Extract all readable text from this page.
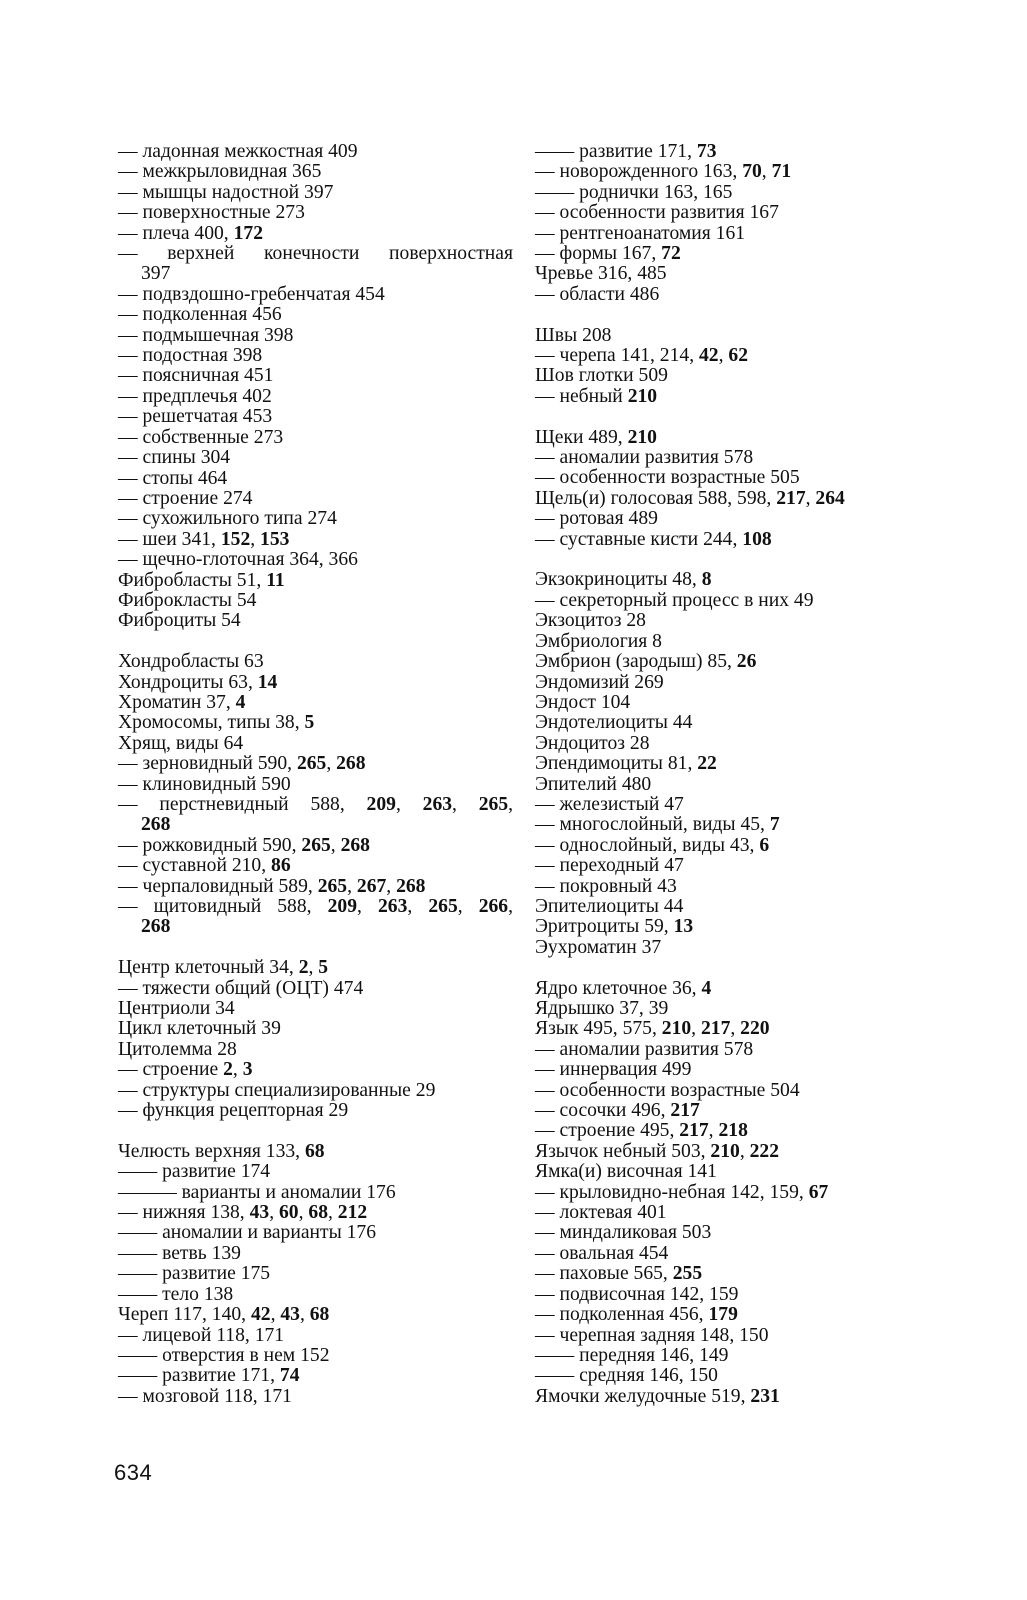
— ладонная межкостная 409
— межкрыловидная 365
— мышцы надостной 397
— поверхностные 273
— плеча 400, 172
— верхней конечности поверхностная
397
— подвздошно-гребенчатая 454
— подколенная 456
— подмышечная 398
— подостная 398
— поясничная 451
— предплечья 402
— решетчатая 453
— собственные 273
— спины 304
— стопы 464
— строение 274
— сухожильного типа 274
— шеи 341, 152, 153
— щечно-глоточная 364, 366
Фибробласты 51, 11
Фиброкласты 54
Фиброциты 54
Хондробласты 63
Хондроциты 63, 14
Хроматин 37, 4
Хромосомы, типы 38, 5
Хрящ, виды 64
— зерновидный 590, 265, 268
— клиновидный 590
— перстневидный 588, 209, 263, 265,
268
— рожковидный 590, 265, 268
— суставной 210, 86
— черпаловидный 589, 265, 267, 268
— щитовидный 588, 209, 263, 265, 266,
268
Центр клеточный 34, 2, 5
— тяжести общий (ОЦТ) 474
Центриоли 34
Цикл клеточный 39
Цитолемма 28
— строение 2, 3
— структуры специализированные 29
— функция рецепторная 29
Челюсть верхняя 133, 68
—— развитие 174
——— варианты и аномалии 176
— нижняя 138, 43, 60, 68, 212
—— аномалии и варианты 176
—— ветвь 139
—— развитие 175
—— тело 138
Череп 117, 140, 42, 43, 68
— лицевой 118, 171
—— отверстия в нем 152
—— развитие 171, 74
— мозговой 118, 171
—— развитие 171, 73
— новорожденного 163, 70, 71
—— роднички 163, 165
— особенности развития 167
— рентгеноанатомия 161
— формы 167, 72
Чревье 316, 485
— области 486
Швы 208
— черепа 141, 214, 42, 62
Шов глотки 509
— небный 210
Щеки 489, 210
— аномалии развития 578
— особенности возрастные 505
Щель(и) голосовая 588, 598, 217, 264
— ротовая 489
— суставные кисти 244, 108
Экзокриноциты 48, 8
— секреторный процесс в них 49
Экзоцитоз 28
Эмбриология 8
Эмбрион (зародыш) 85, 26
Эндомизий 269
Эндост 104
Эндотелиоциты 44
Эндоцитоз 28
Эпендимоциты 81, 22
Эпителий 480
— железистый 47
— многослойный, виды 45, 7
— однослойный, виды 43, 6
— переходный 47
— покровный 43
Эпителиоциты 44
Эритроциты 59, 13
Эухроматин 37
Ядро клеточное 36, 4
Ядрышко 37, 39
Язык 495, 575, 210, 217, 220
— аномалии развития 578
— иннервация 499
— особенности возрастные 504
— сосочки 496, 217
— строение 495, 217, 218
Язычок небный 503, 210, 222
Ямка(и) височная 141
— крыловидно-небная 142, 159, 67
— локтевая 401
— миндаликовая 503
— овальная 454
— паховые 565, 255
— подвисочная 142, 159
— подколенная 456, 179
— черепная задняя 148, 150
—— передняя 146, 149
—— средняя 146, 150
Ямочки желудочные 519, 231
634
